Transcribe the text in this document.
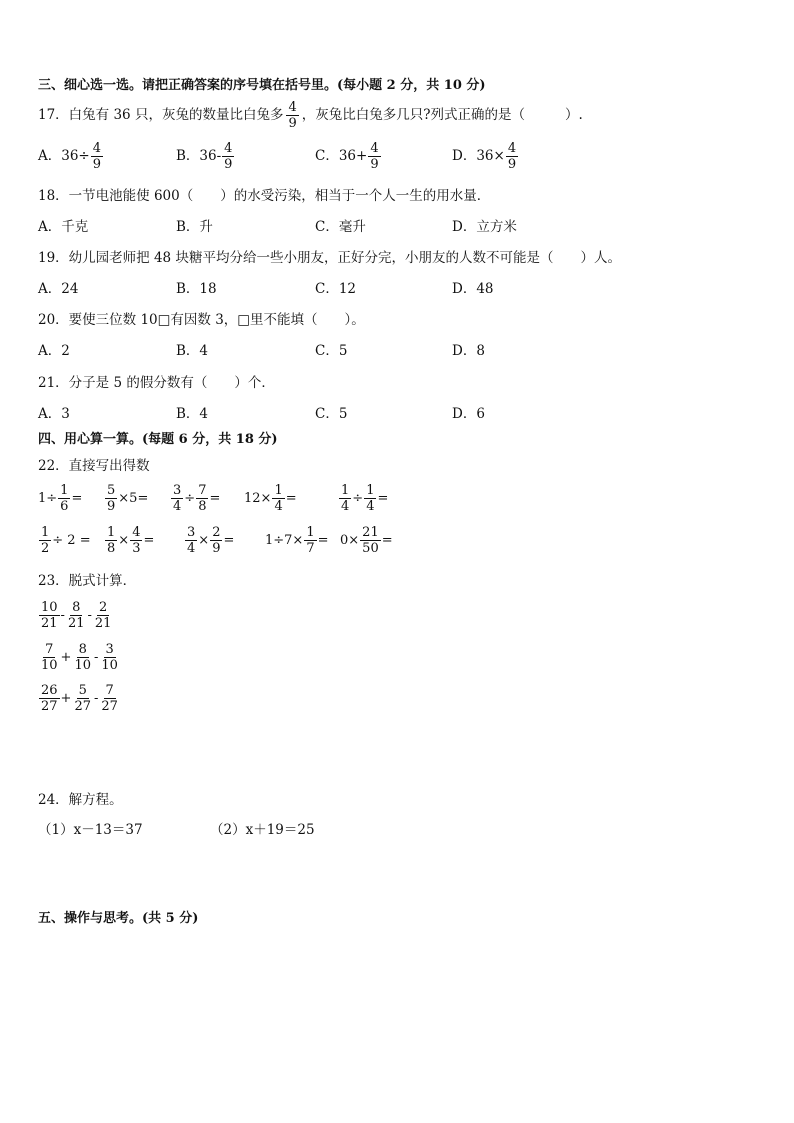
三、细心选一选。请把正确答案的序号填在括号里。(每小题 2 分，共 10 分)
17．白兔有 36 只，灰兔的数量比白兔多 $\frac{4}{9}$ ，灰兔比白兔多几只?列式正确的是（	）.
A．$36\div \frac{4}{9}$	B．$36- \frac{4}{9}$	C．$36+ \frac{4}{9}$	D．$36\times \frac{4}{9}$
18．一节电池能使 600（　　）的水受污染，相当于一个人一生的用水量．
A．千克	B．升	C．毫升	D．立方米
19．幼儿园老师把 48 块糖平均分给一些小朋友，正好分完，小朋友的人数不可能是（　　）人。
A．24	B．18	C．12	D．48
20．要使三位数 10□有因数 3，□里不能填（　　）。
A．2	B．4	C．5	D．8
21．分子是 5 的假分数有（　　）个．
A．3	B．4	C．5	D．6
四、用心算一算。(每题 6 分，共 18 分)
22．直接写出得数
$1\div \frac{1}{6} = \frac{5}{9} \times 5= \frac{3}{4} \div \frac{7}{8} = 12\times \frac{1}{4}$ =	$\frac{1}{4} \div \frac{1}{4}$ =
$\frac{1}{2} \div 2 = \frac{1}{8} \times \frac{4}{3} = \frac{3}{4} \times \frac{2}{9} = 1\div 7\times \frac{1}{7} = 0\times \frac{21}{50}$ =
23．脱式计算．
$\frac{10}{21} - \frac{8}{21} - \frac{2}{21}$
$\frac{7}{10} + \frac{8}{10} - \frac{3}{10}$
$\frac{26}{27} + \frac{5}{27} - \frac{7}{27}$
24．解方程。
（1）x－13＝37	（2）x＋19＝25
五、操作与思考。(共 5 分)
